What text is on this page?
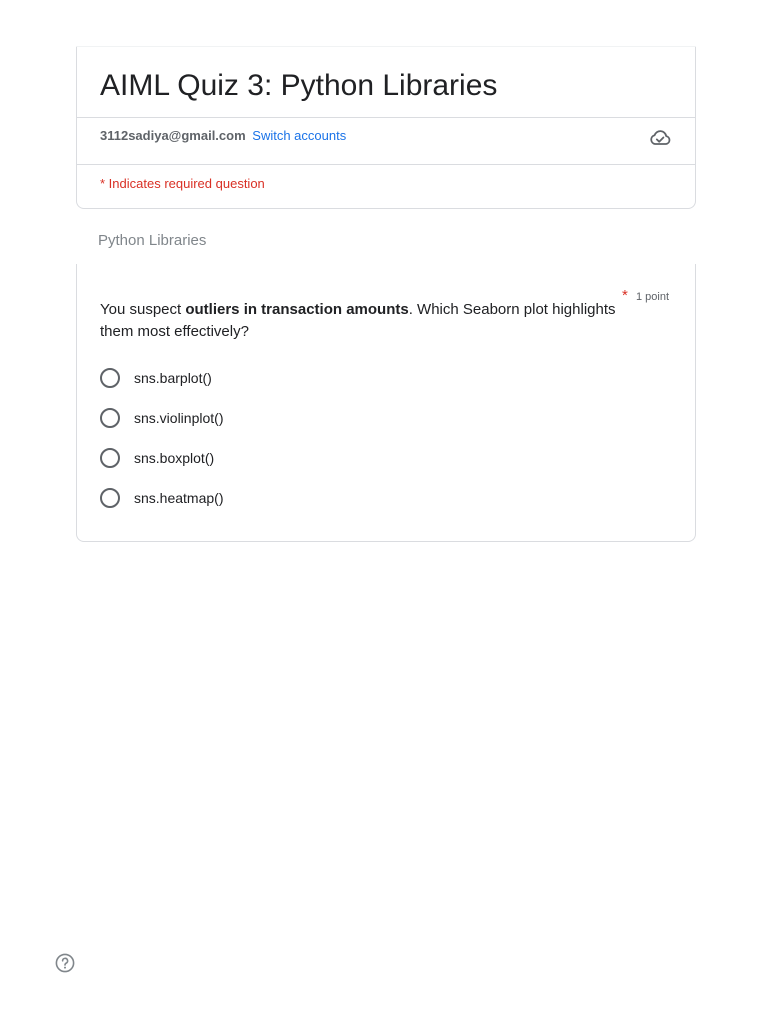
AIML Quiz 3: Python Libraries
3112sadiya@gmail.com Switch accounts
* Indicates required question
Python Libraries
You suspect outliers in transaction amounts. Which Seaborn plot highlights them most effectively?
* 1 point
sns.barplot()
sns.violinplot()
sns.boxplot()
sns.heatmap()
